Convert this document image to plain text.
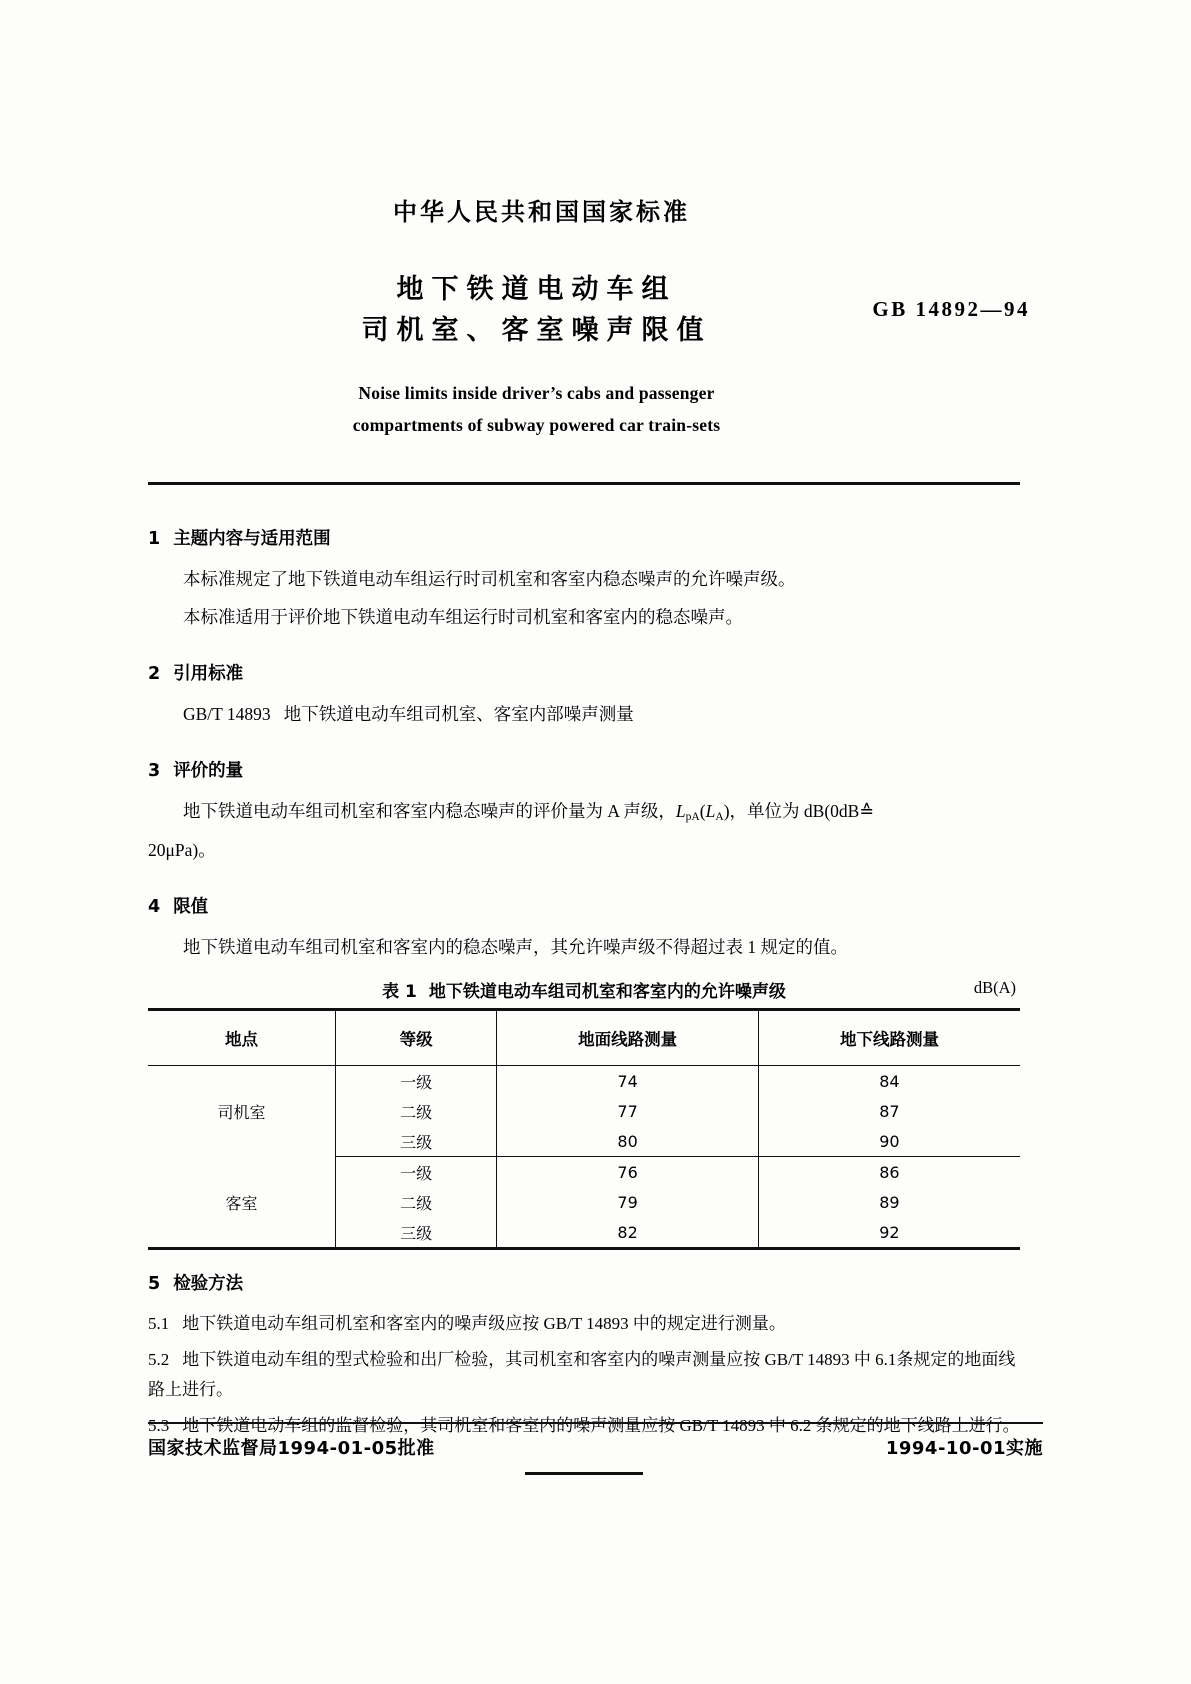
中华人民共和国国家标准
地下铁道电动车组
司机室、客室噪声限值
GB 14892—94
Noise limits inside driver’s cabs and passenger
compartments of subway powered car train-sets
1 主题内容与适用范围

本标准规定了地下铁道电动车组运行时司机室和客室内稳态噪声的允许噪声级。

本标准适用于评价地下铁道电动车组运行时司机室和客室内的稳态噪声。

2 引用标准

GB/T 14893 地下铁道电动车组司机室、客室内部噪声测量

3 评价的量

地下铁道电动车组司机室和客室内稳态噪声的评价量为 A 声级，$L_{pA}(L_A)$，单位为 dB(0dB≙

20μPa)。

4 限值

地下铁道电动车组司机室和客室内的稳态噪声，其允许噪声级不得超过表 1 规定的值。

表 1 地下铁道电动车组司机室和客室内的允许噪声级	dB(A)
地点	等级	地面线路测量	地下线路测量
司机室	一级	74	84
	二级	77	87
	三级	80	90
客室	一级	76	86
	二级	79	89
	三级	82	92
5 检验方法

5.1 地下铁道电动车组司机室和客室内的噪声级应按 GB/T 14893 中的规定进行测量。

5.2 地下铁道电动车组的型式检验和出厂检验，其司机室和客室内的噪声测量应按 GB/T 14893 中 6.1条规定的地面线路上进行。

5.3 地下铁道电动车组的监督检验，其司机室和客室内的噪声测量应按 GB/T 14893 中 6.2 条规定的地下线路上进行。

国家技术监督局1994-01-05批准	1994-10-01实施
